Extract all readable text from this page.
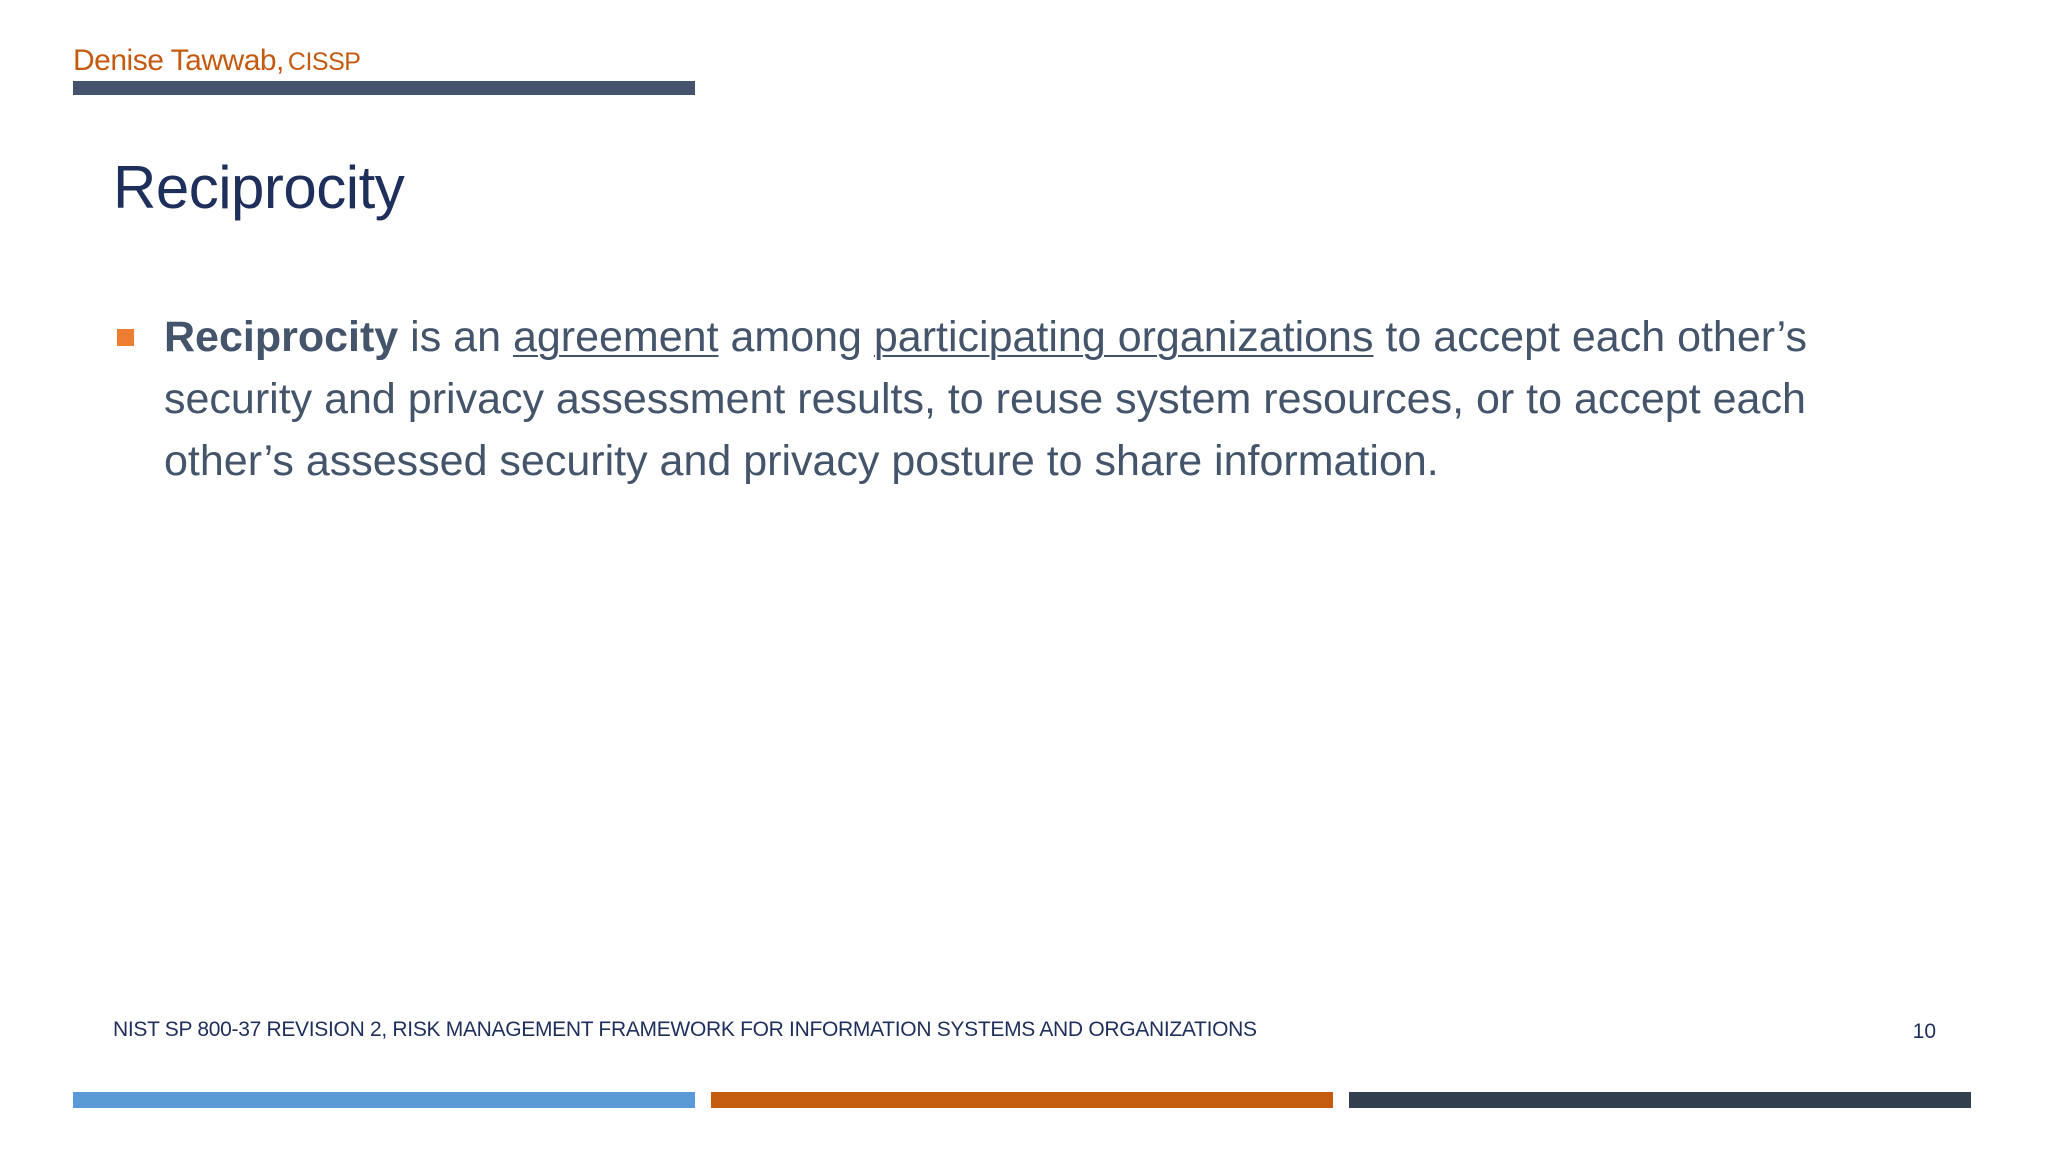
Denise Tawwab, CISSP
Reciprocity
Reciprocity is an agreement among participating organizations to accept each other’s security and privacy assessment results, to reuse system resources, or to accept each other’s assessed security and privacy posture to share information.
NIST SP 800-37 REVISION 2, RISK MANAGEMENT FRAMEWORK FOR INFORMATION SYSTEMS AND ORGANIZATIONS	10
